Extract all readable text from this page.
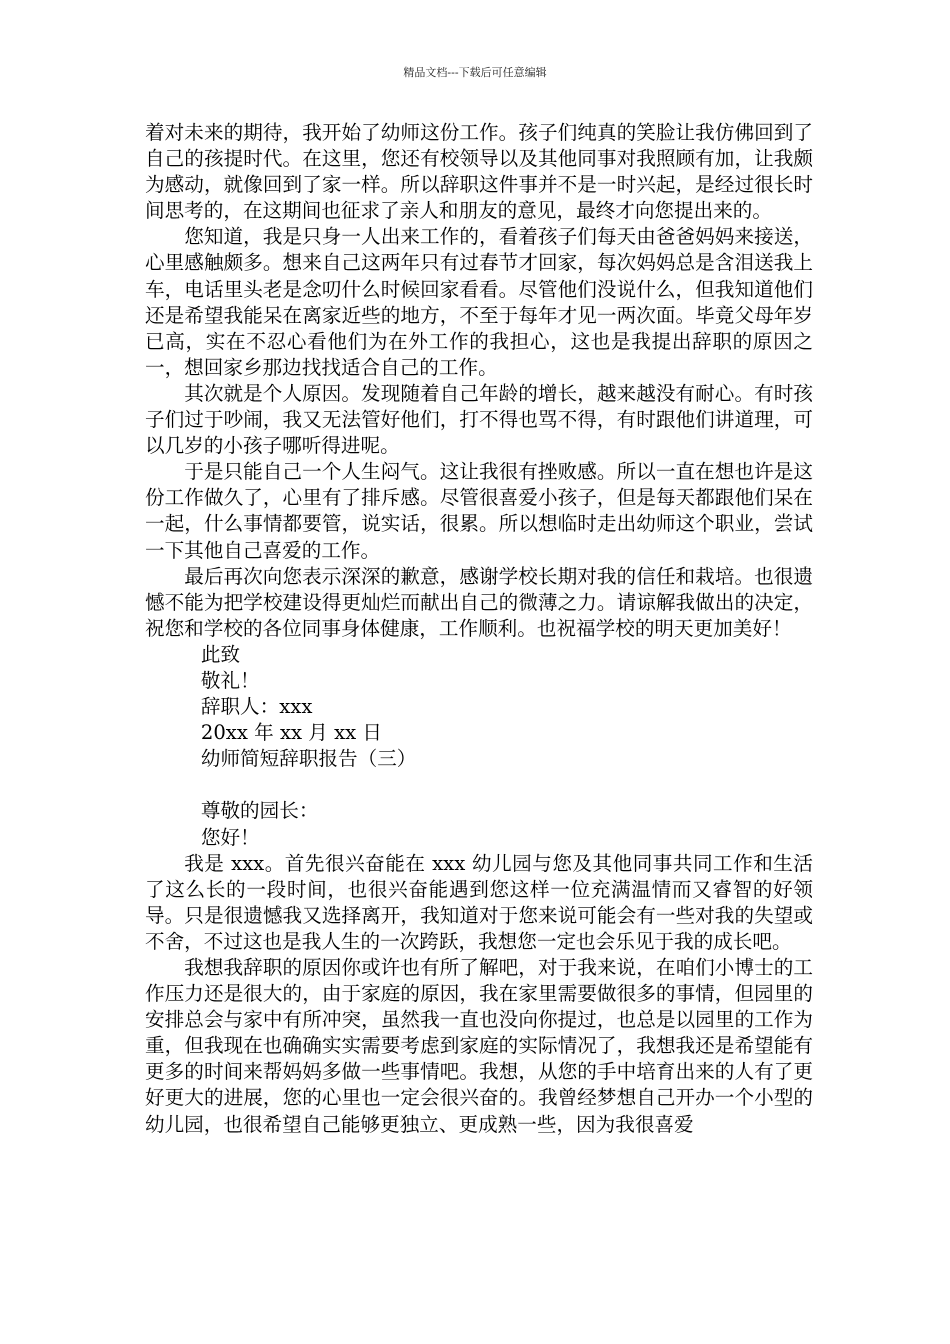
精品文档---下载后可任意编辑

着对未来的期待，我开始了幼师这份工作。孩子们纯真的笑脸让我仿佛回到了自己的孩提时代。在这里，您还有校领导以及其他同事对我照顾有加，让我颇为感动，就像回到了家一样。所以辞职这件事并不是一时兴起，是经过很长时间思考的，在这期间也征求了亲人和朋友的意见，最终才向您提出来的。

您知道，我是只身一人出来工作的，看着孩子们每天由爸爸妈妈来接送，心里感触颇多。想来自己这两年只有过春节才回家，每次妈妈总是含泪送我上车，电话里头老是念叨什么时候回家看看。尽管他们没说什么，但我知道他们还是希望我能呆在离家近些的地方，不至于每年才见一两次面。毕竟父母年岁已高，实在不忍心看他们为在外工作的我担心，这也是我提出辞职的原因之一，想回家乡那边找找适合自己的工作。

其次就是个人原因。发现随着自己年龄的增长，越来越没有耐心。有时孩子们过于吵闹，我又无法管好他们，打不得也骂不得，有时跟他们讲道理，可以几岁的小孩子哪听得进呢。

于是只能自己一个人生闷气。这让我很有挫败感。所以一直在想也许是这份工作做久了，心里有了排斥感。尽管很喜爱小孩子，但是每天都跟他们呆在一起，什么事情都要管，说实话，很累。所以想临时走出幼师这个职业，尝试一下其他自己喜爱的工作。

最后再次向您表示深深的歉意，感谢学校长期对我的信任和栽培。也很遗憾不能为把学校建设得更灿烂而献出自己的微薄之力。请谅解我做出的决定，祝您和学校的各位同事身体健康，工作顺利。也祝福学校的明天更加美好！

此致

敬礼！

辞职人：xxx

20xx 年 xx 月 xx 日

幼师简短辞职报告（三）

尊敬的园长：

您好！

我是 xxx。首先很兴奋能在 xxx 幼儿园与您及其他同事共同工作和生活了这么长的一段时间，也很兴奋能遇到您这样一位充满温情而又睿智的好领导。只是很遗憾我又选择离开，我知道对于您来说可能会有一些对我的失望或不舍，不过这也是我人生的一次跨跃，我想您一定也会乐见于我的成长吧。

我想我辞职的原因你或许也有所了解吧，对于我来说，在咱们小博士的工作压力还是很大的，由于家庭的原因，我在家里需要做很多的事情，但园里的安排总会与家中有所冲突，虽然我一直也没向你提过，也总是以园里的工作为重，但我现在也确确实实需要考虑到家庭的实际情况了，我想我还是希望能有更多的时间来帮妈妈多做一些事情吧。我想，从您的手中培育出来的人有了更好更大的进展，您的心里也一定会很兴奋的。我曾经梦想自己开办一个小型的幼儿园，也很希望自己能够更独立、更成熟一些，因为我很喜爱
